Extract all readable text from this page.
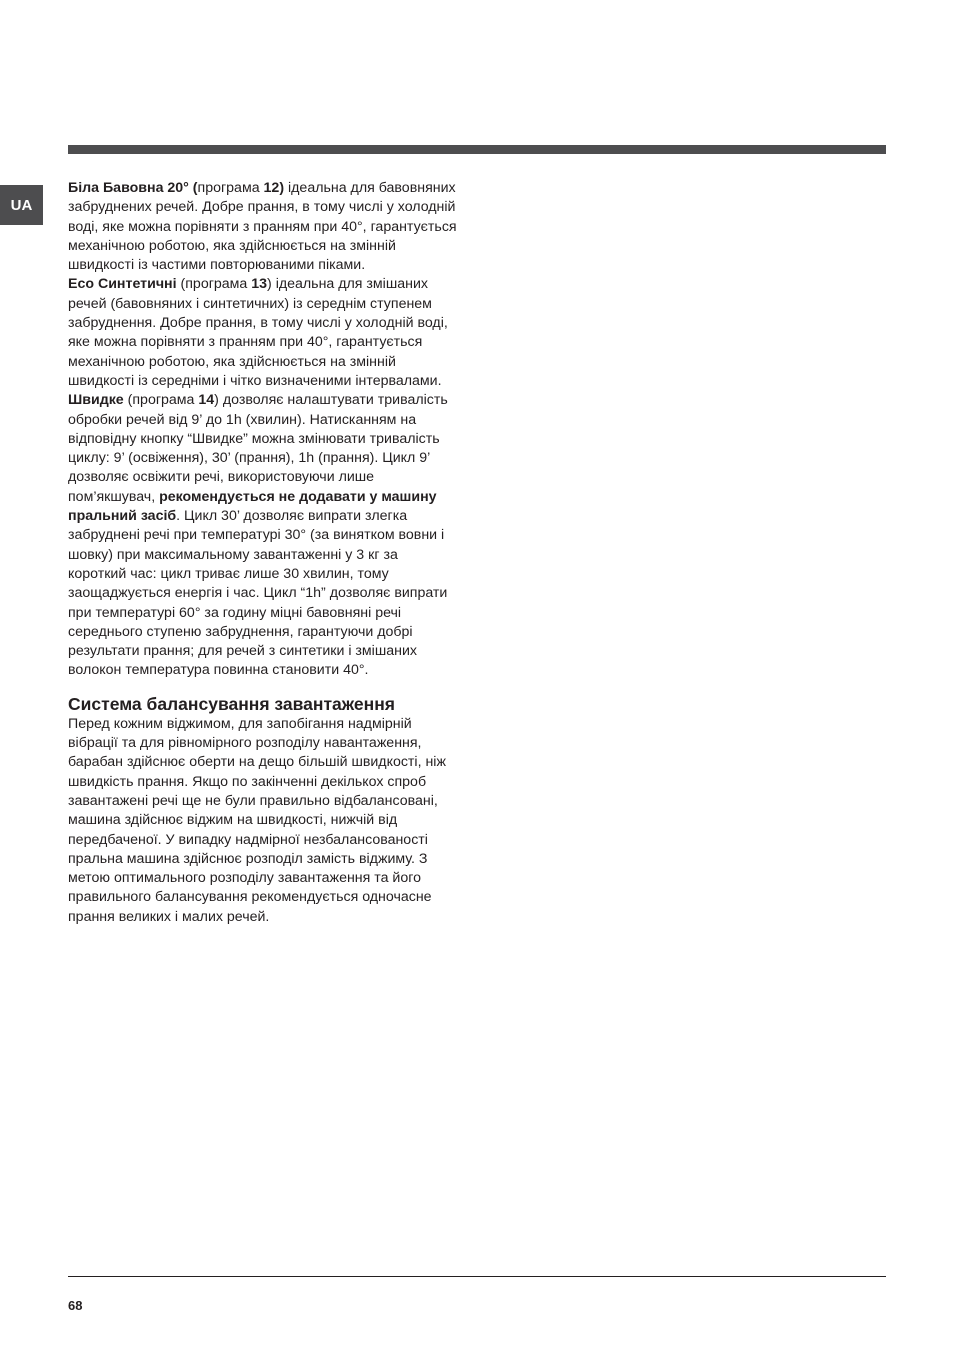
UA

Біла Бавовна 20° (програма 12) ідеальна для бавовняних забруднених речей. Добре прання, в тому числі у холодній воді, яке можна порівняти з пранням при 40°, гарантується механічною роботою, яка здійснюється на змінній швидкості із частими повторюваними піками.

Eco Синтетичні (програма 13) ідеальна для змішаних речей (бавовняних і синтетичних) із середнім ступенем забруднення. Добре прання, в тому числі у холодній воді, яке можна порівняти з пранням при 40°, гарантується механічною роботою, яка здійснюється на змінній швидкості із середніми і чітко визначеними інтервалами.

Швидке (програма 14) дозволяє налаштувати тривалість обробки речей від 9’ до 1h (хвилин). Натисканням на відповідну кнопку “Швидке” можна змінювати тривалість циклу: 9’ (освіження), 30’ (прання), 1h (прання). Цикл 9’ дозволяє освіжити речі, використовуючи лише пом’якшувач, рекомендується не додавати у машину пральний засіб. Цикл 30’ дозволяє випрати злегка забруднені речі при температурі 30° (за винятком вовни і шовку) при максимальному завантаженні у 3 кг за короткий час: цикл триває лише 30 хвилин, тому заощаджується енергія і час. Цикл “1h” дозволяє випрати при температурі 60° за годину міцні бавовняні речі середнього ступеню забруднення, гарантуючи добрі результати прання; для речей з синтетики і змішаних волокон температура повинна становити 40°.

Система балансування завантаження

Перед кожним віджимом, для запобігання надмірній вібрації та для рівномірного розподілу навантаження, барабан здійснює оберти на дещо більшій швидкості, ніж швидкість прання. Якщо по закінченні декількох спроб завантажені речі ще не були правильно відбалансовані, машина здійснює віджим на швидкості, нижчій від передбаченої. У випадку надмірної незбалансованості пральна машина здійснює розподіл замість віджиму. З метою оптимального розподілу завантаження та його правильного балансування рекомендується одночасне прання великих і малих речей.

68
